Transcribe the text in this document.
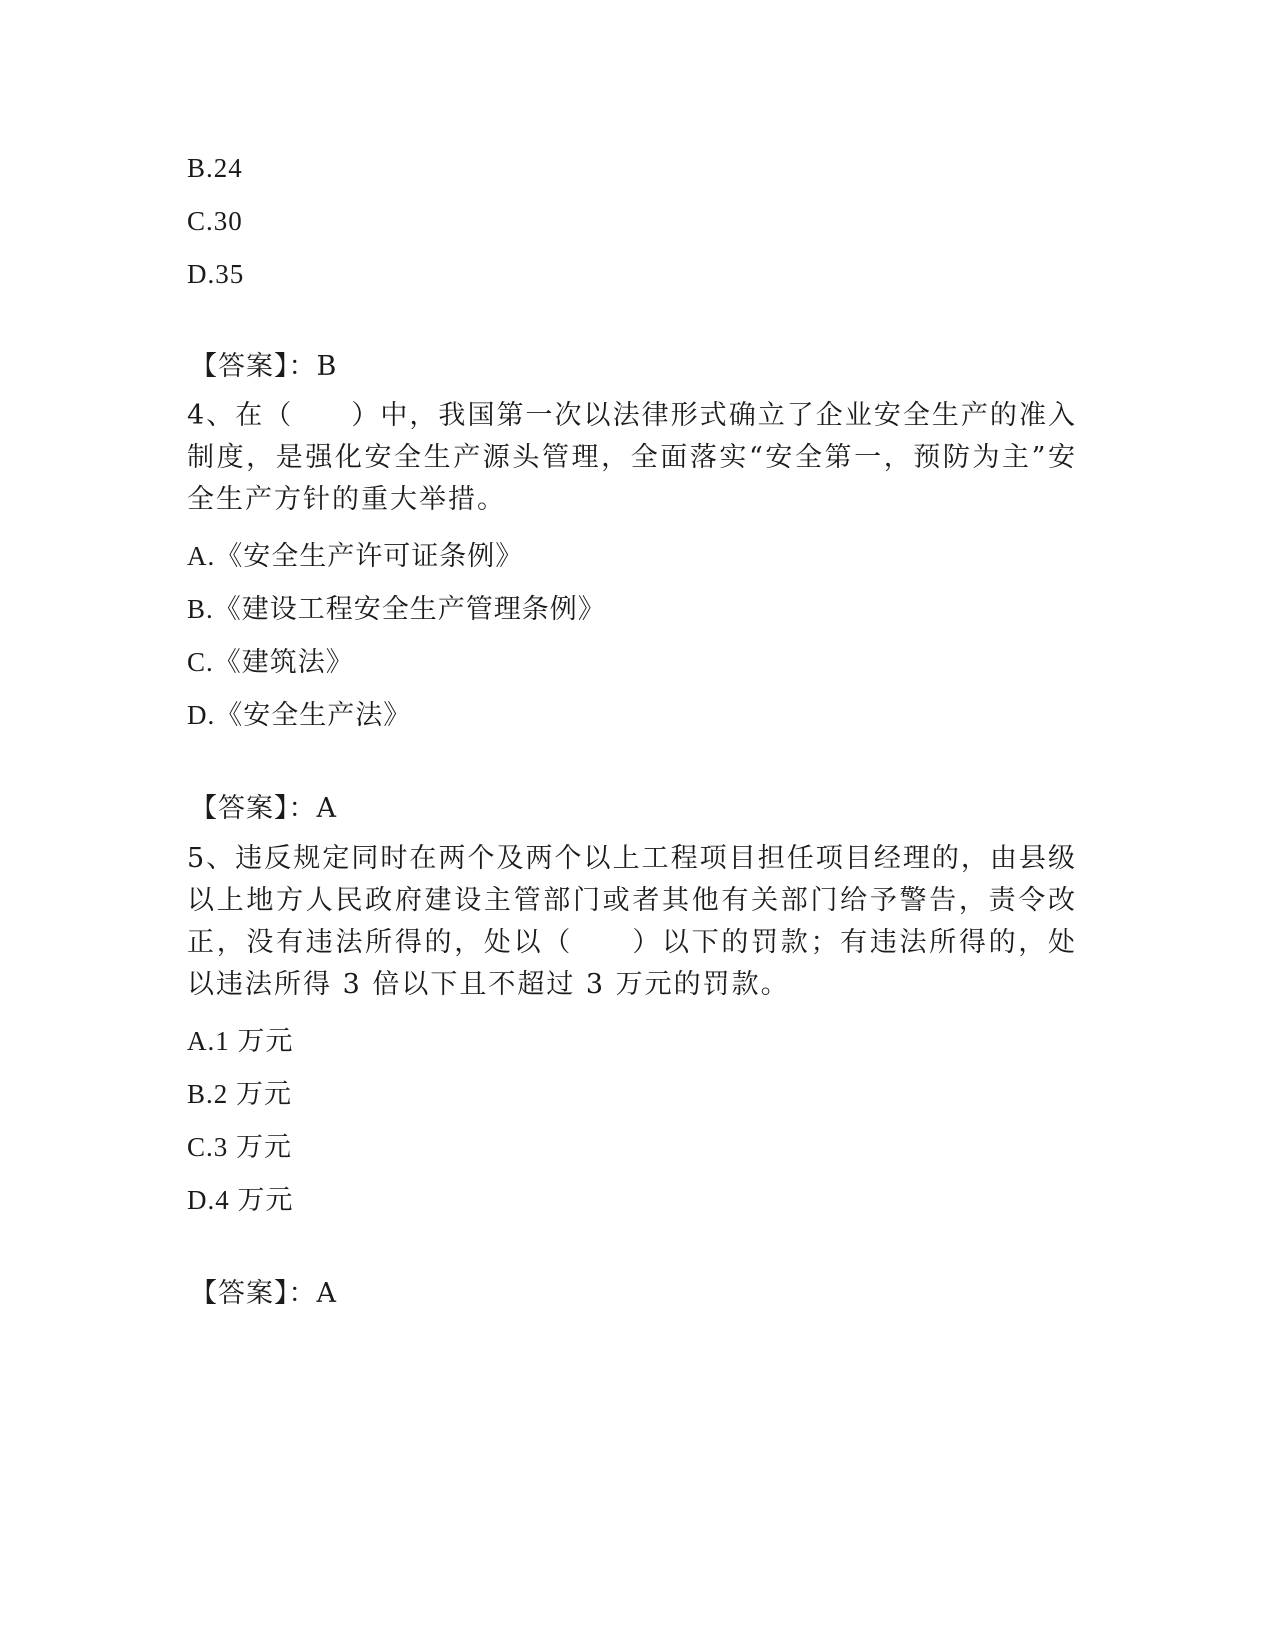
B.24
C.30
D.35
【答案】：B
4、在（　　）中，我国第一次以法律形式确立了企业安全生产的准入制度，是强化安全生产源头管理，全面落实“安全第一，预防为主”安全生产方针的重大举措。
A.《安全生产许可证条例》
B.《建设工程安全生产管理条例》
C.《建筑法》
D.《安全生产法》
【答案】：A
5、违反规定同时在两个及两个以上工程项目担任项目经理的，由县级以上地方人民政府建设主管部门或者其他有关部门给予警告，责令改正，没有违法所得的，处以（　　）以下的罚款；有违法所得的，处以违法所得 3 倍以下且不超过 3 万元的罚款。
A.1 万元
B.2 万元
C.3 万元
D.4 万元
【答案】：A
